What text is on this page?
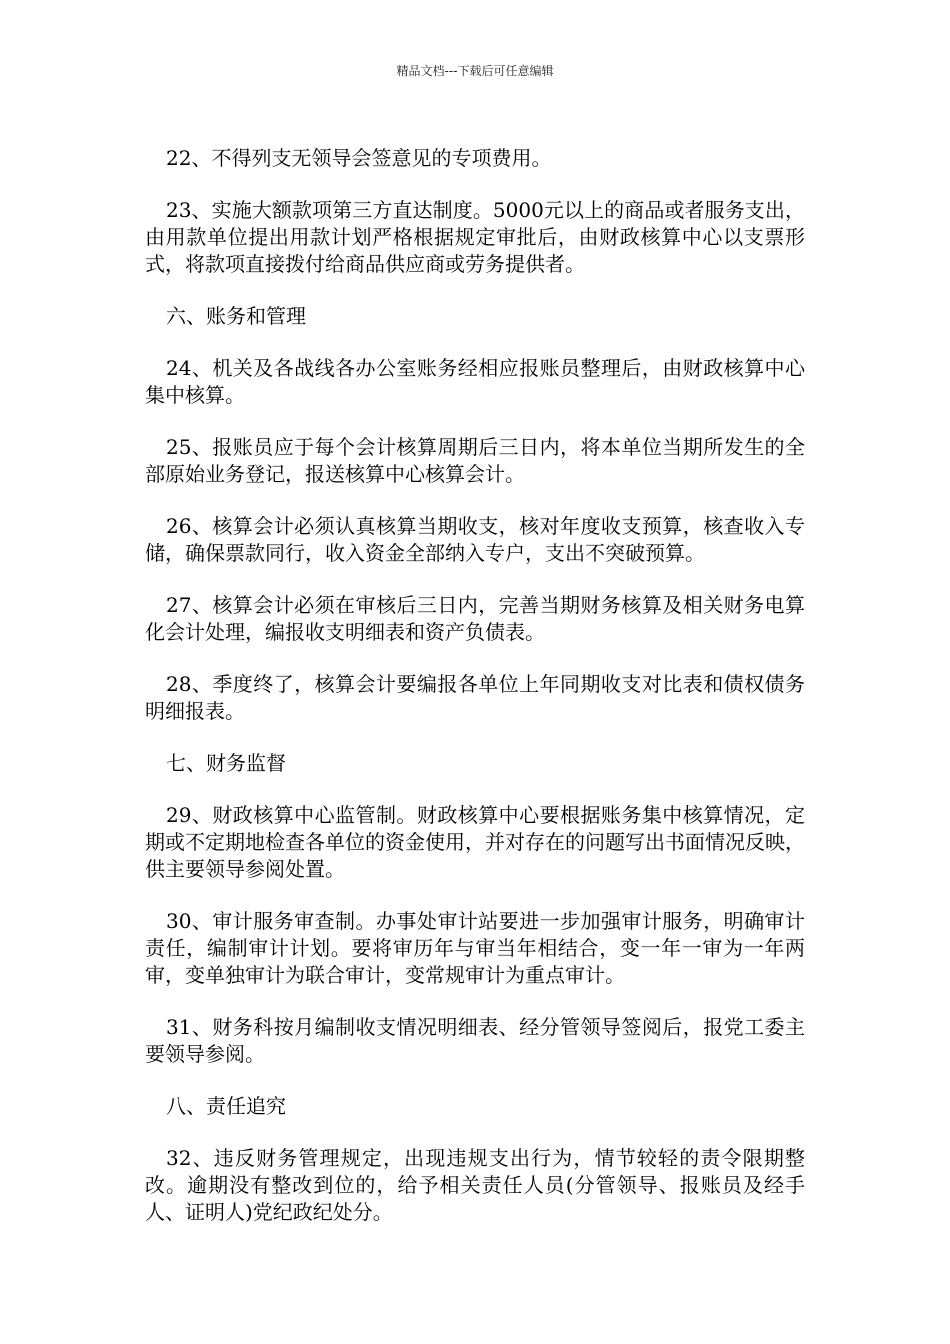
精品文档---下载后可任意编辑

22、不得列支无领导会签意见的专项费用。

23、实施大额款项第三方直达制度。5000元以上的商品或者服务支出，由用款单位提出用款计划严格根据规定审批后，由财政核算中心以支票形式，将款项直接拨付给商品供应商或劳务提供者。

六、账务和管理

24、机关及各战线各办公室账务经相应报账员整理后，由财政核算中心集中核算。

25、报账员应于每个会计核算周期后三日内，将本单位当期所发生的全部原始业务登记，报送核算中心核算会计。

26、核算会计必须认真核算当期收支，核对年度收支预算，核查收入专储，确保票款同行，收入资金全部纳入专户，支出不突破预算。

27、核算会计必须在审核后三日内，完善当期财务核算及相关财务电算化会计处理，编报收支明细表和资产负债表。

28、季度终了，核算会计要编报各单位上年同期收支对比表和债权债务明细报表。

七、财务监督

29、财政核算中心监管制。财政核算中心要根据账务集中核算情况，定期或不定期地检查各单位的资金使用，并对存在的问题写出书面情况反映，供主要领导参阅处置。

30、审计服务审查制。办事处审计站要进一步加强审计服务，明确审计责任，编制审计计划。要将审历年与审当年相结合，变一年一审为一年两审，变单独审计为联合审计，变常规审计为重点审计。

31、财务科按月编制收支情况明细表、经分管领导签阅后，报党工委主要领导参阅。

八、责任追究

32、违反财务管理规定，出现违规支出行为，情节较轻的责令限期整改。逾期没有整改到位的，给予相关责任人员(分管领导、报账员及经手人、证明人)党纪政纪处分。
